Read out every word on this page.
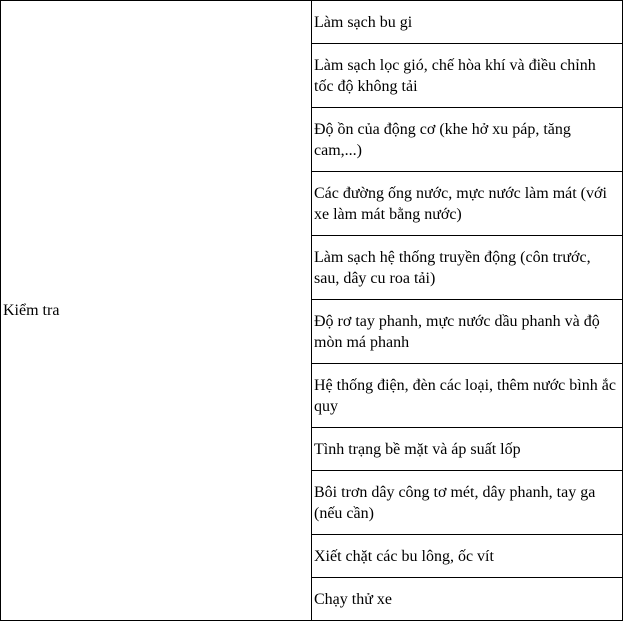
Kiểm tra	Làm sạch bu gi
Làm sạch lọc gió, chế hòa khí và điều chỉnh tốc độ không tải
Độ ồn của động cơ (khe hở xu páp, tăng cam,...)
Các đường ống nước, mực nước làm mát (với xe làm mát bằng nước)
Làm sạch hệ thống truyền động (côn trước, sau, dây cu roa tải)
Độ rơ tay phanh, mực nước dầu phanh và độ mòn má phanh
Hệ thống điện, đèn các loại, thêm nước bình ắc quy
Tình trạng bề mặt và áp suất lốp
Bôi trơn dây công tơ mét, dây phanh, tay ga (nếu cần)
Xiết chặt các bu lông, ốc vít
Chạy thử xe
